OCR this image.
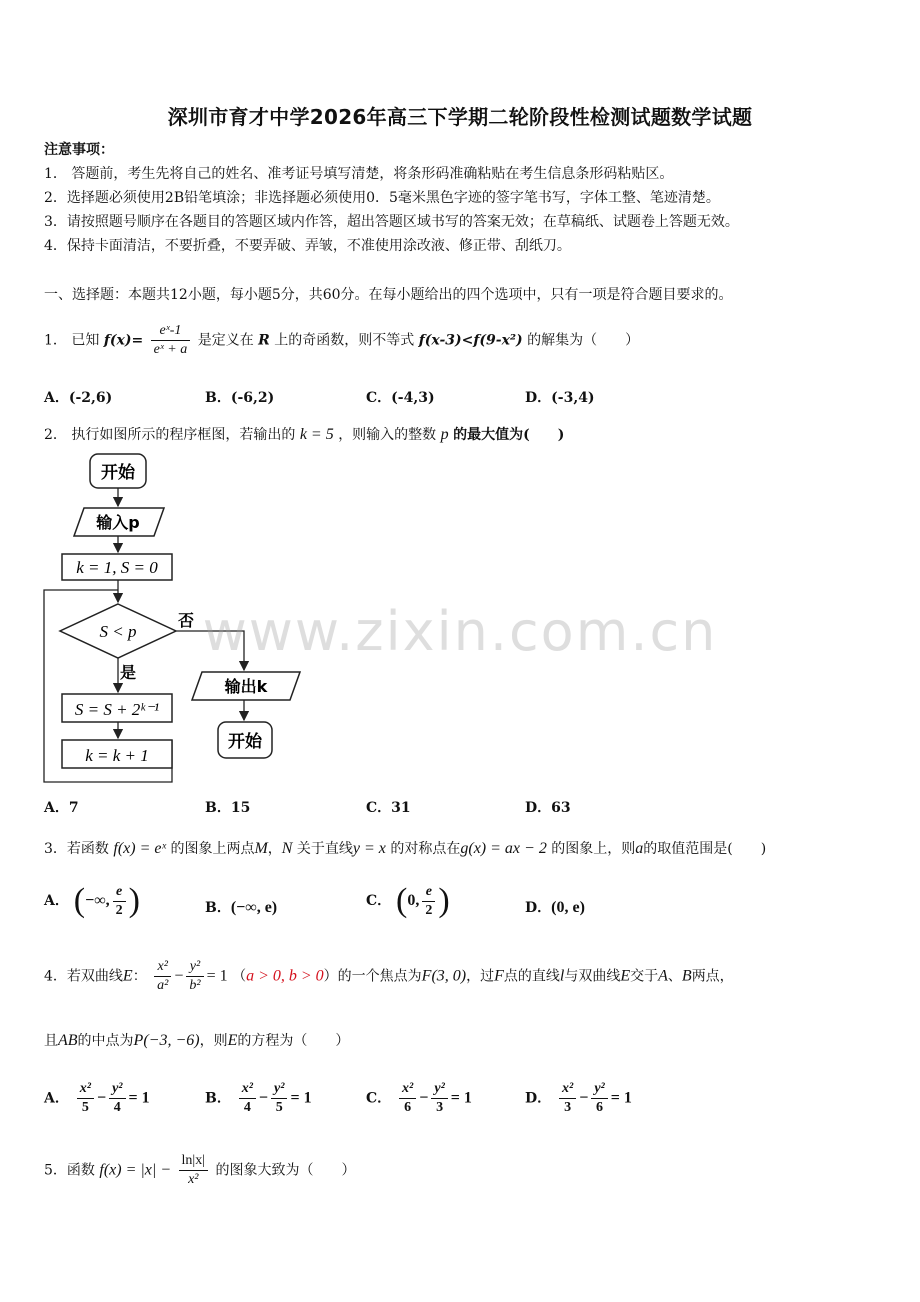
深圳市育才中学2026年高三下学期二轮阶段性检测试题数学试题
注意事项：
1． 答题前，考生先将自己的姓名、准考证号填写清楚，将条形码准确粘贴在考生信息条形码粘贴区。
2．选择题必须使用2B铅笔填涂；非选择题必须使用0．5毫米黑色字迹的签字笔书写，字体工整、笔迹清楚。
3．请按照题号顺序在各题目的答题区域内作答，超出答题区域书写的答案无效；在草稿纸、试题卷上答题无效。
4．保持卡面清洁，不要折叠，不要弄破、弄皱，不准使用涂改液、修正带、刮纸刀。
一、选择题：本题共12小题，每小题5分，共60分。在每小题给出的四个选项中，只有一项是符合题目要求的。
1． 已知 $f(x)= \frac{\text{eˣ-1}}{\text{eˣ + a}}$ 是定义在 R 上的奇函数，则不等式 f(x-3)<f(9-x²) 的解集为（　　）
A．(-2,6)	B．(-6,2)	C．(-4,3)	D．(-3,4)
2． 执行如图所示的程序框图，若输出的 k = 5 ，则输入的整数 p 的最大值为(　　)
开始
输入p
k = 1, S = 0
S < p
否
输出k
开始
是
S = S + 2ᵏ⁻¹
k = k + 1
www.zixin.com.cn
A．7	B．15	C．31	D．63
3．若函数 f(x) = eˣ 的图象上两点M，N 关于直线y = x 的对称点在g(x) = ax − 2 的图象上，则a的取值范围是(　　)
A． (−∞, $\frac{e}{2}$ )	B．(−∞, e)	C． (0, $\frac{e}{2}$ )	D．(0, e)
4．若双曲线E： $\frac{\text{x²}}{\text{a²}} - \frac{\text{y²}}{\text{b²}} = 1$ （a > 0, b > 0）的一个焦点为F(3, 0)，过F点的直线l与双曲线E交于A、B两点，
且AB的中点为P(−3, −6)，则E的方程为（　　）
A． $\frac{\text{x²}}{5} - \frac{\text{y²}}{4} = 1$	B． $\frac{\text{x²}}{4} - \frac{\text{y²}}{5} = 1$	C． $\frac{\text{x²}}{6} - \frac{\text{y²}}{3} = 1$	D． $\frac{\text{x²}}{3} - \frac{\text{y²}}{6} = 1$
5．函数 $f(x) = |x| - \frac{\ln|x|}{\text{x²}}$ 的图象大致为（　　）
